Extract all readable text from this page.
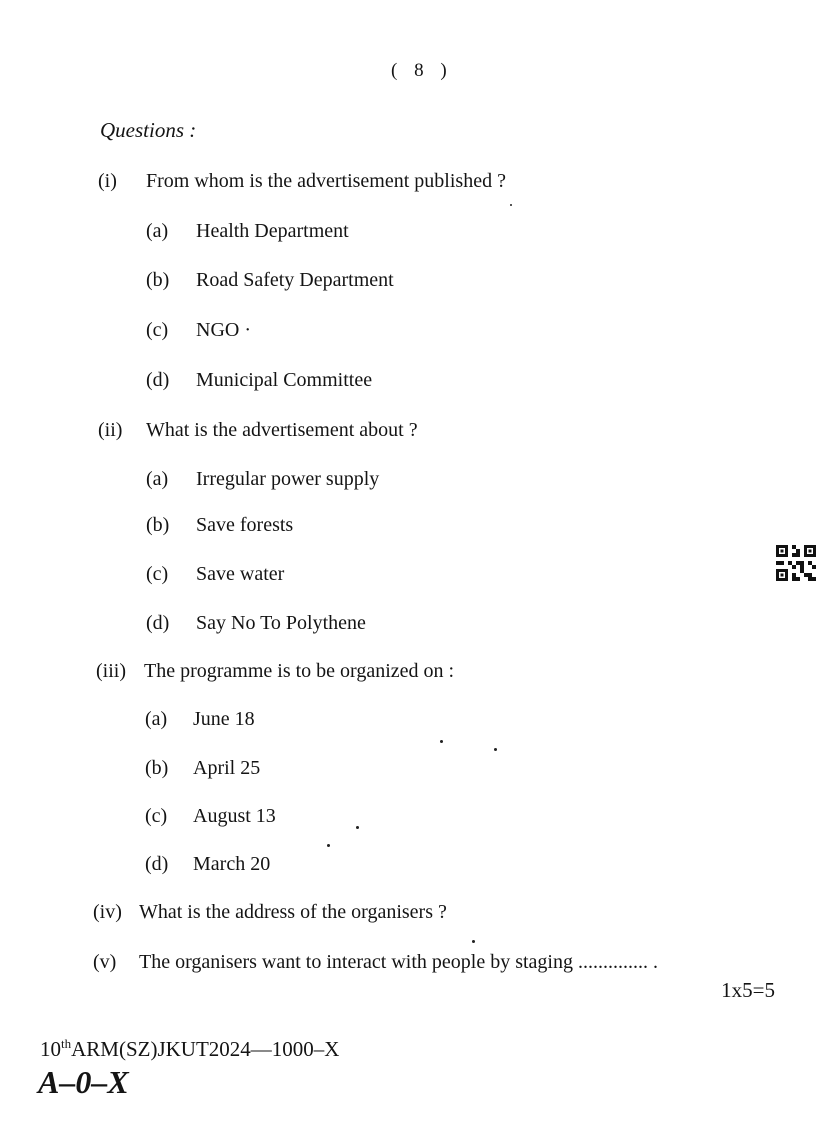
( 8 )
Questions :
(i) From whom is the advertisement published ?
(a) Health Department
(b) Road Safety Department
(c) NGO ·
(d) Municipal Committee
(ii) What is the advertisement about ?
(a) Irregular power supply
(b) Save forests
(c) Save water
(d) Say No To Polythene
(iii) The programme is to be organized on :
(a) June 18
(b) April 25
(c) August 13
(d) March 20
(iv) What is the address of the organisers ?
(v) The organisers want to interact with people by staging .............. .
1x5=5
10thARM(SZ)JKUT2024—1000–X
A–0–X
